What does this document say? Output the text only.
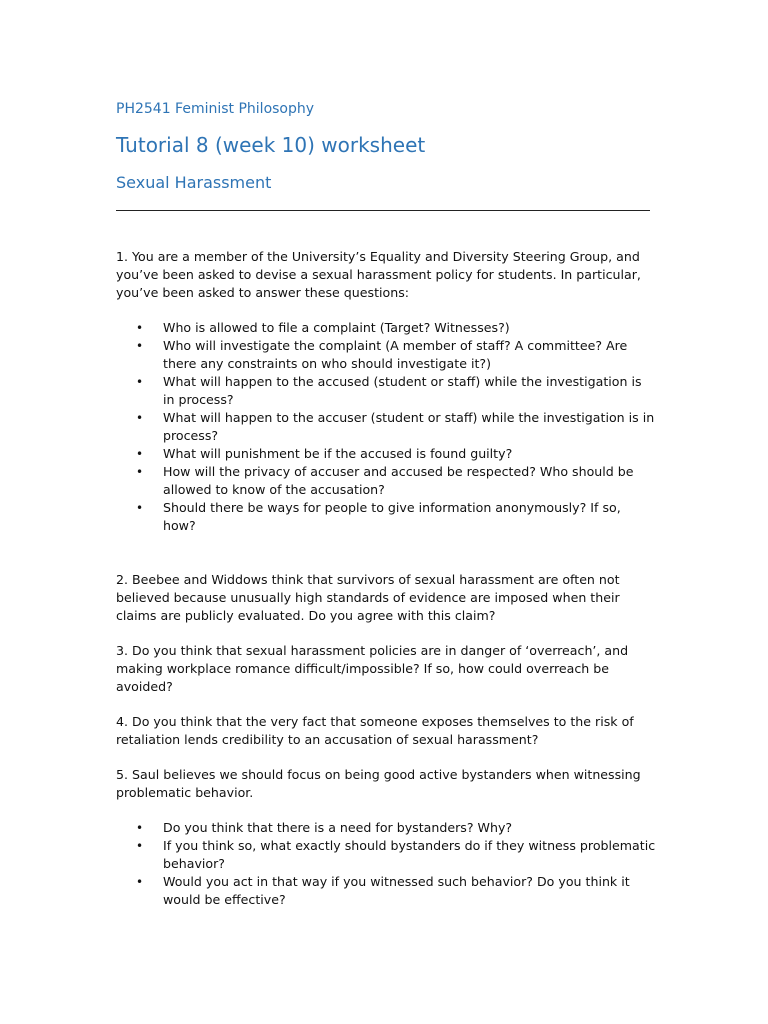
PH2541 Feminist Philosophy
Tutorial 8 (week 10) worksheet
Sexual Harassment

1. You are a member of the University’s Equality and Diversity Steering Group, and you’ve been asked to devise a sexual harassment policy for students. In particular, you’ve been asked to answer these questions:

• Who is allowed to file a complaint (Target? Witnesses?)
• Who will investigate the complaint (A member of staff? A committee? Are there any constraints on who should investigate it?)
• What will happen to the accused (student or staff) while the investigation is in process?
• What will happen to the accuser (student or staff) while the investigation is in process?
• What will punishment be if the accused is found guilty?
• How will the privacy of accuser and accused be respected? Who should be allowed to know of the accusation?
• Should there be ways for people to give information anonymously? If so, how?

2. Beebee and Widdows think that survivors of sexual harassment are often not believed because unusually high standards of evidence are imposed when their claims are publicly evaluated. Do you agree with this claim?

3. Do you think that sexual harassment policies are in danger of ‘overreach’, and making workplace romance difficult/impossible? If so, how could overreach be avoided?

4. Do you think that the very fact that someone exposes themselves to the risk of retaliation lends credibility to an accusation of sexual harassment?

5. Saul believes we should focus on being good active bystanders when witnessing problematic behavior.

• Do you think that there is a need for bystanders? Why?
• If you think so, what exactly should bystanders do if they witness problematic behavior?
• Would you act in that way if you witnessed such behavior? Do you think it would be effective?
